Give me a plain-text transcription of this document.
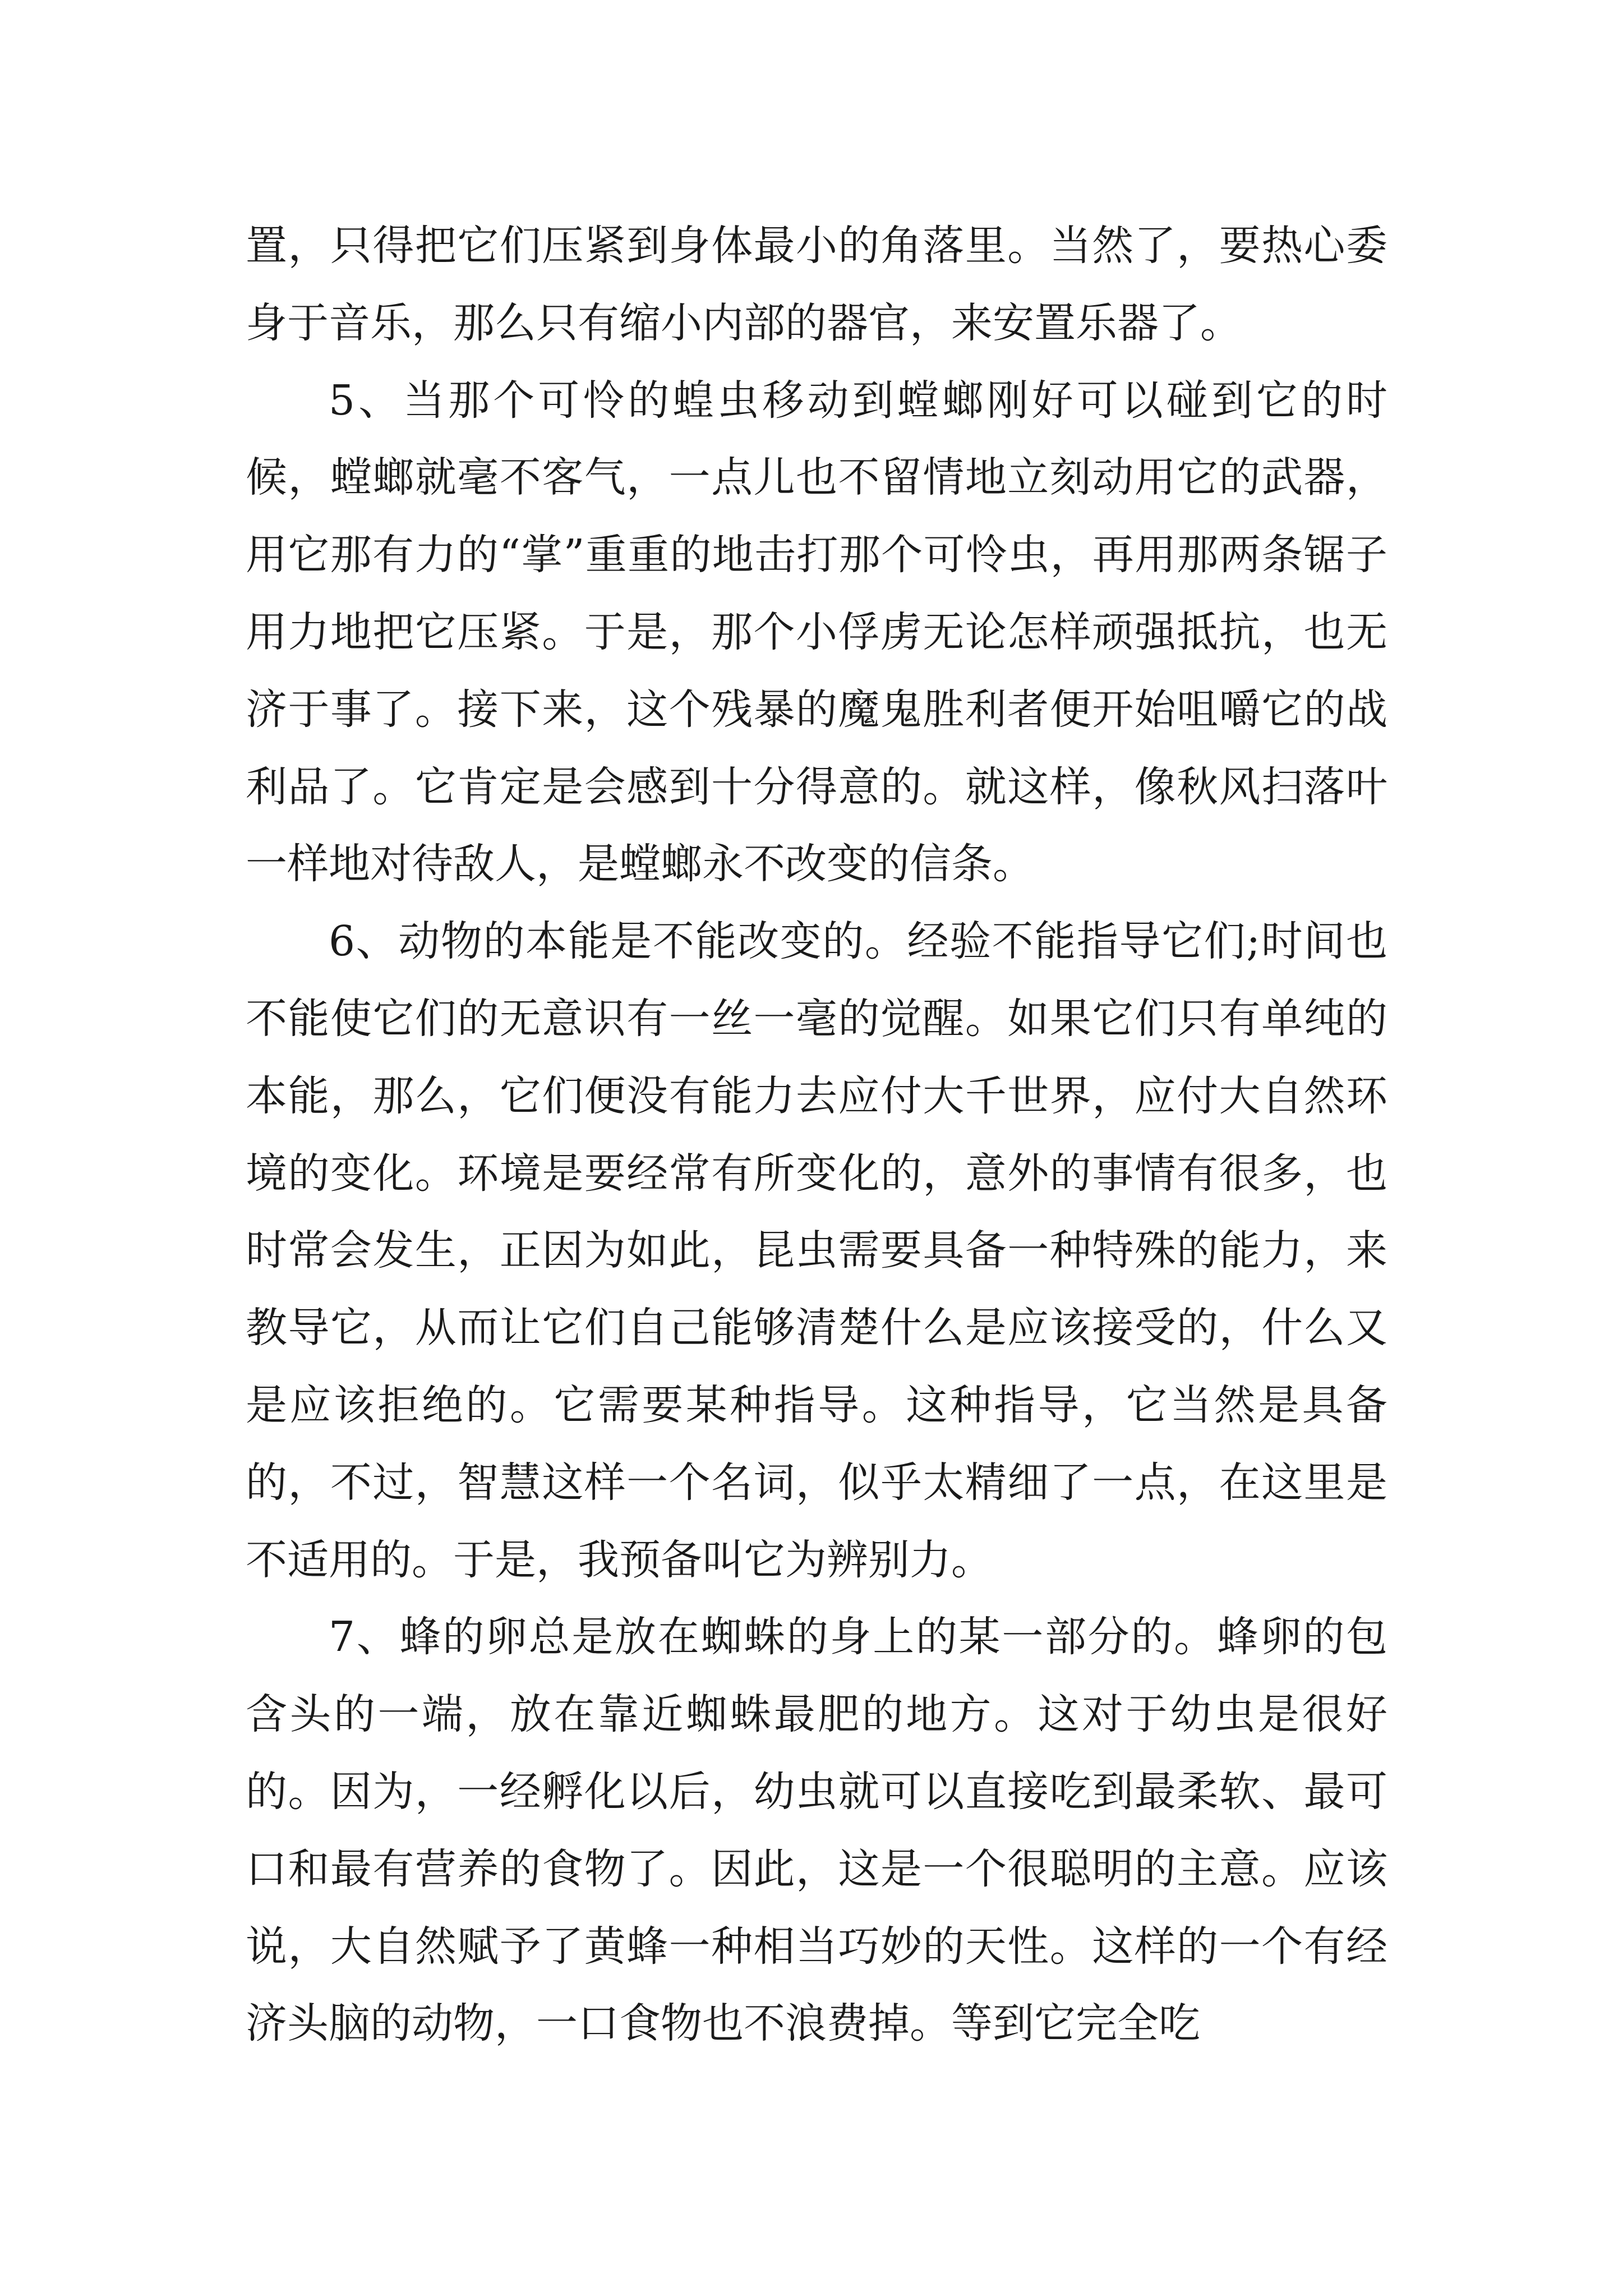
置，只得把它们压紧到身体最小的角落里。当然了，要热心委身于音乐，那么只有缩小内部的器官，来安置乐器了。

5、当那个可怜的蝗虫移动到螳螂刚好可以碰到它的时候，螳螂就毫不客气，一点儿也不留情地立刻动用它的武器，用它那有力的“掌”重重的地击打那个可怜虫，再用那两条锯子用力地把它压紧。于是，那个小俘虏无论怎样顽强抵抗，也无济于事了。接下来，这个残暴的魔鬼胜利者便开始咀嚼它的战利品了。它肯定是会感到十分得意的。就这样，像秋风扫落叶一样地对待敌人，是螳螂永不改变的信条。

6、动物的本能是不能改变的。经验不能指导它们;时间也不能使它们的无意识有一丝一毫的觉醒。如果它们只有单纯的本能，那么，它们便没有能力去应付大千世界，应付大自然环境的变化。环境是要经常有所变化的，意外的事情有很多，也时常会发生，正因为如此，昆虫需要具备一种特殊的能力，来教导它，从而让它们自己能够清楚什么是应该接受的，什么又是应该拒绝的。它需要某种指导。这种指导，它当然是具备的，不过，智慧这样一个名词，似乎太精细了一点，在这里是不适用的。于是，我预备叫它为辨别力。

7、蜂的卵总是放在蜘蛛的身上的某一部分的。蜂卵的包含头的一端，放在靠近蜘蛛最肥的地方。这对于幼虫是很好的。因为，一经孵化以后，幼虫就可以直接吃到最柔软、最可口和最有营养的食物了。因此，这是一个很聪明的主意。应该说，大自然赋予了黄蜂一种相当巧妙的天性。这样的一个有经济头脑的动物，一口食物也不浪费掉。等到它完全吃
